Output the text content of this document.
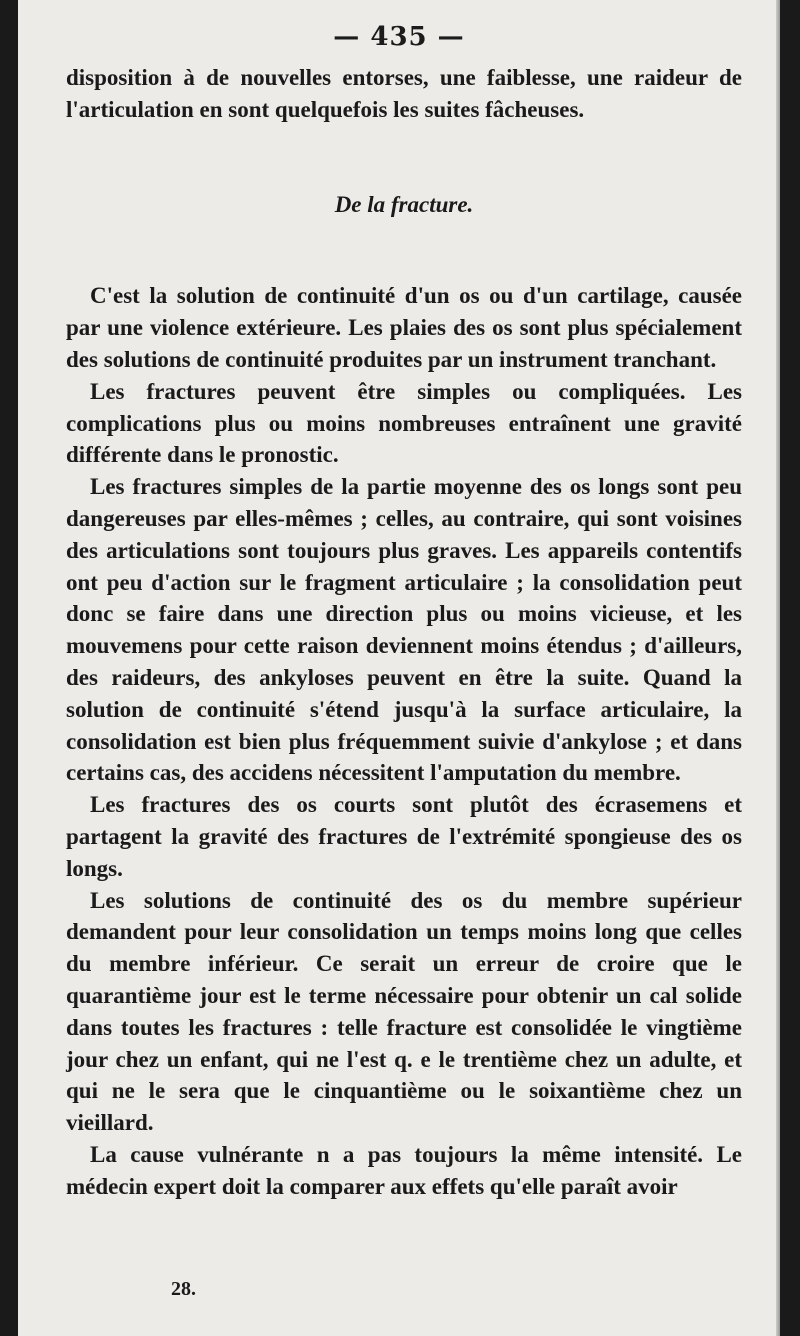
— 435 —

disposition à de nouvelles entorses, une faiblesse, une raideur de l'articulation en sont quelquefois les suites fâcheuses.

De la fracture.

C'est la solution de continuité d'un os ou d'un cartilage, causée par une violence extérieure. Les plaies des os sont plus spécialement des solutions de continuité produites par un instrument tranchant.

Les fractures peuvent être simples ou compliquées. Les complications plus ou moins nombreuses entraînent une gravité différente dans le pronostic.

Les fractures simples de la partie moyenne des os longs sont peu dangereuses par elles-mêmes ; celles, au contraire, qui sont voisines des articulations sont toujours plus graves. Les appareils contentifs ont peu d'action sur le fragment articulaire ; la consolidation peut donc se faire dans une direction plus ou moins vicieuse, et les mouvemens pour cette raison deviennent moins étendus ; d'ailleurs, des raideurs, des ankyloses peuvent en être la suite. Quand la solution de continuité s'étend jusqu'à la surface articulaire, la consolidation est bien plus fréquemment suivie d'ankylose ; et dans certains cas, des accidens nécessitent l'amputation du membre.

Les fractures des os courts sont plutôt des écrasemens et partagent la gravité des fractures de l'extrémité spongieuse des os longs.

Les solutions de continuité des os du membre supérieur demandent pour leur consolidation un temps moins long que celles du membre inférieur. Ce serait un erreur de croire que le quarantième jour est le terme nécessaire pour obtenir un cal solide dans toutes les fractures : telle fracture est consolidée le vingtième jour chez un enfant, qui ne l'est q. e le trentième chez un adulte, et qui ne le sera que le cinquantième ou le soixantième chez un vieillard.

La cause vulnérante n a pas toujours la même intensité. Le médecin expert doit la comparer aux effets qu'elle paraît avoir

28.
